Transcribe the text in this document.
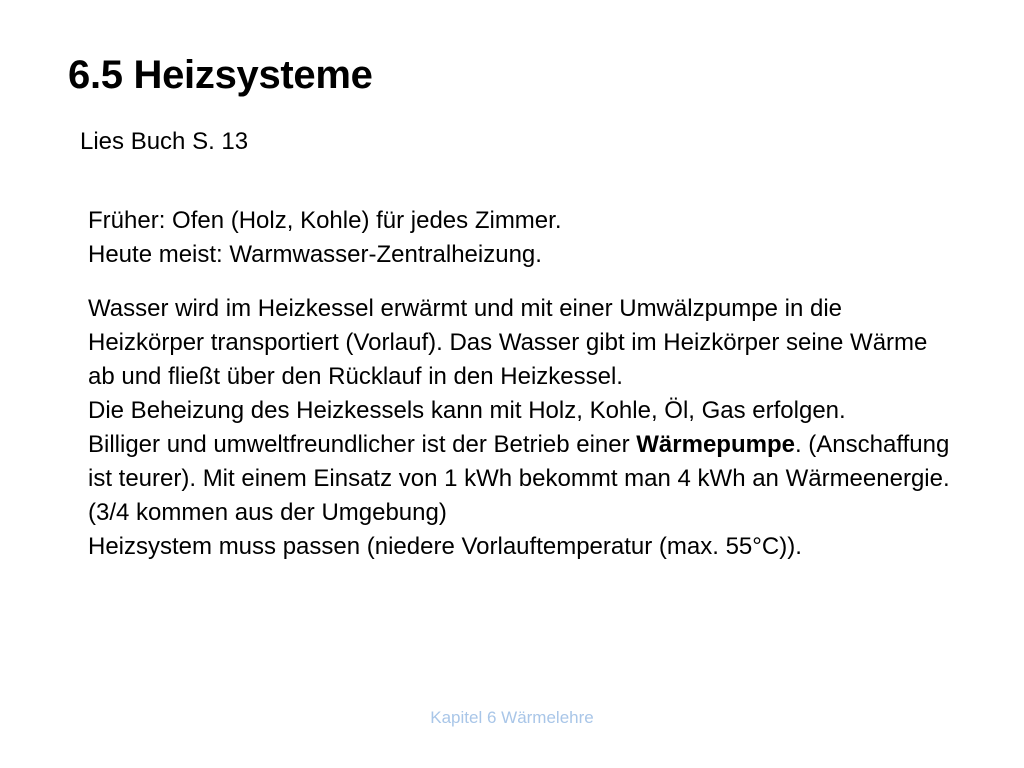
6.5 Heizsysteme

Lies Buch S. 13

Früher: Ofen (Holz, Kohle) für jedes Zimmer.

Heute meist: Warmwasser-Zentralheizung.

Wasser wird im Heizkessel erwärmt und mit einer Umwälzpumpe in die Heizkörper transportiert (Vorlauf). Das Wasser gibt im Heizkörper seine Wärme ab und fließt über den Rücklauf in den Heizkessel.

Die Beheizung des Heizkessels kann mit Holz, Kohle, Öl, Gas erfolgen.

Billiger und umweltfreundlicher ist der Betrieb einer Wärmepumpe. (Anschaffung ist teurer). Mit einem Einsatz von 1 kWh bekommt man 4 kWh an Wärmeenergie. (3/4 kommen aus der Umgebung)

Heizsystem muss passen (niedere Vorlauftemperatur (max. 55°C)).

Kapitel 6 Wärmelehre
